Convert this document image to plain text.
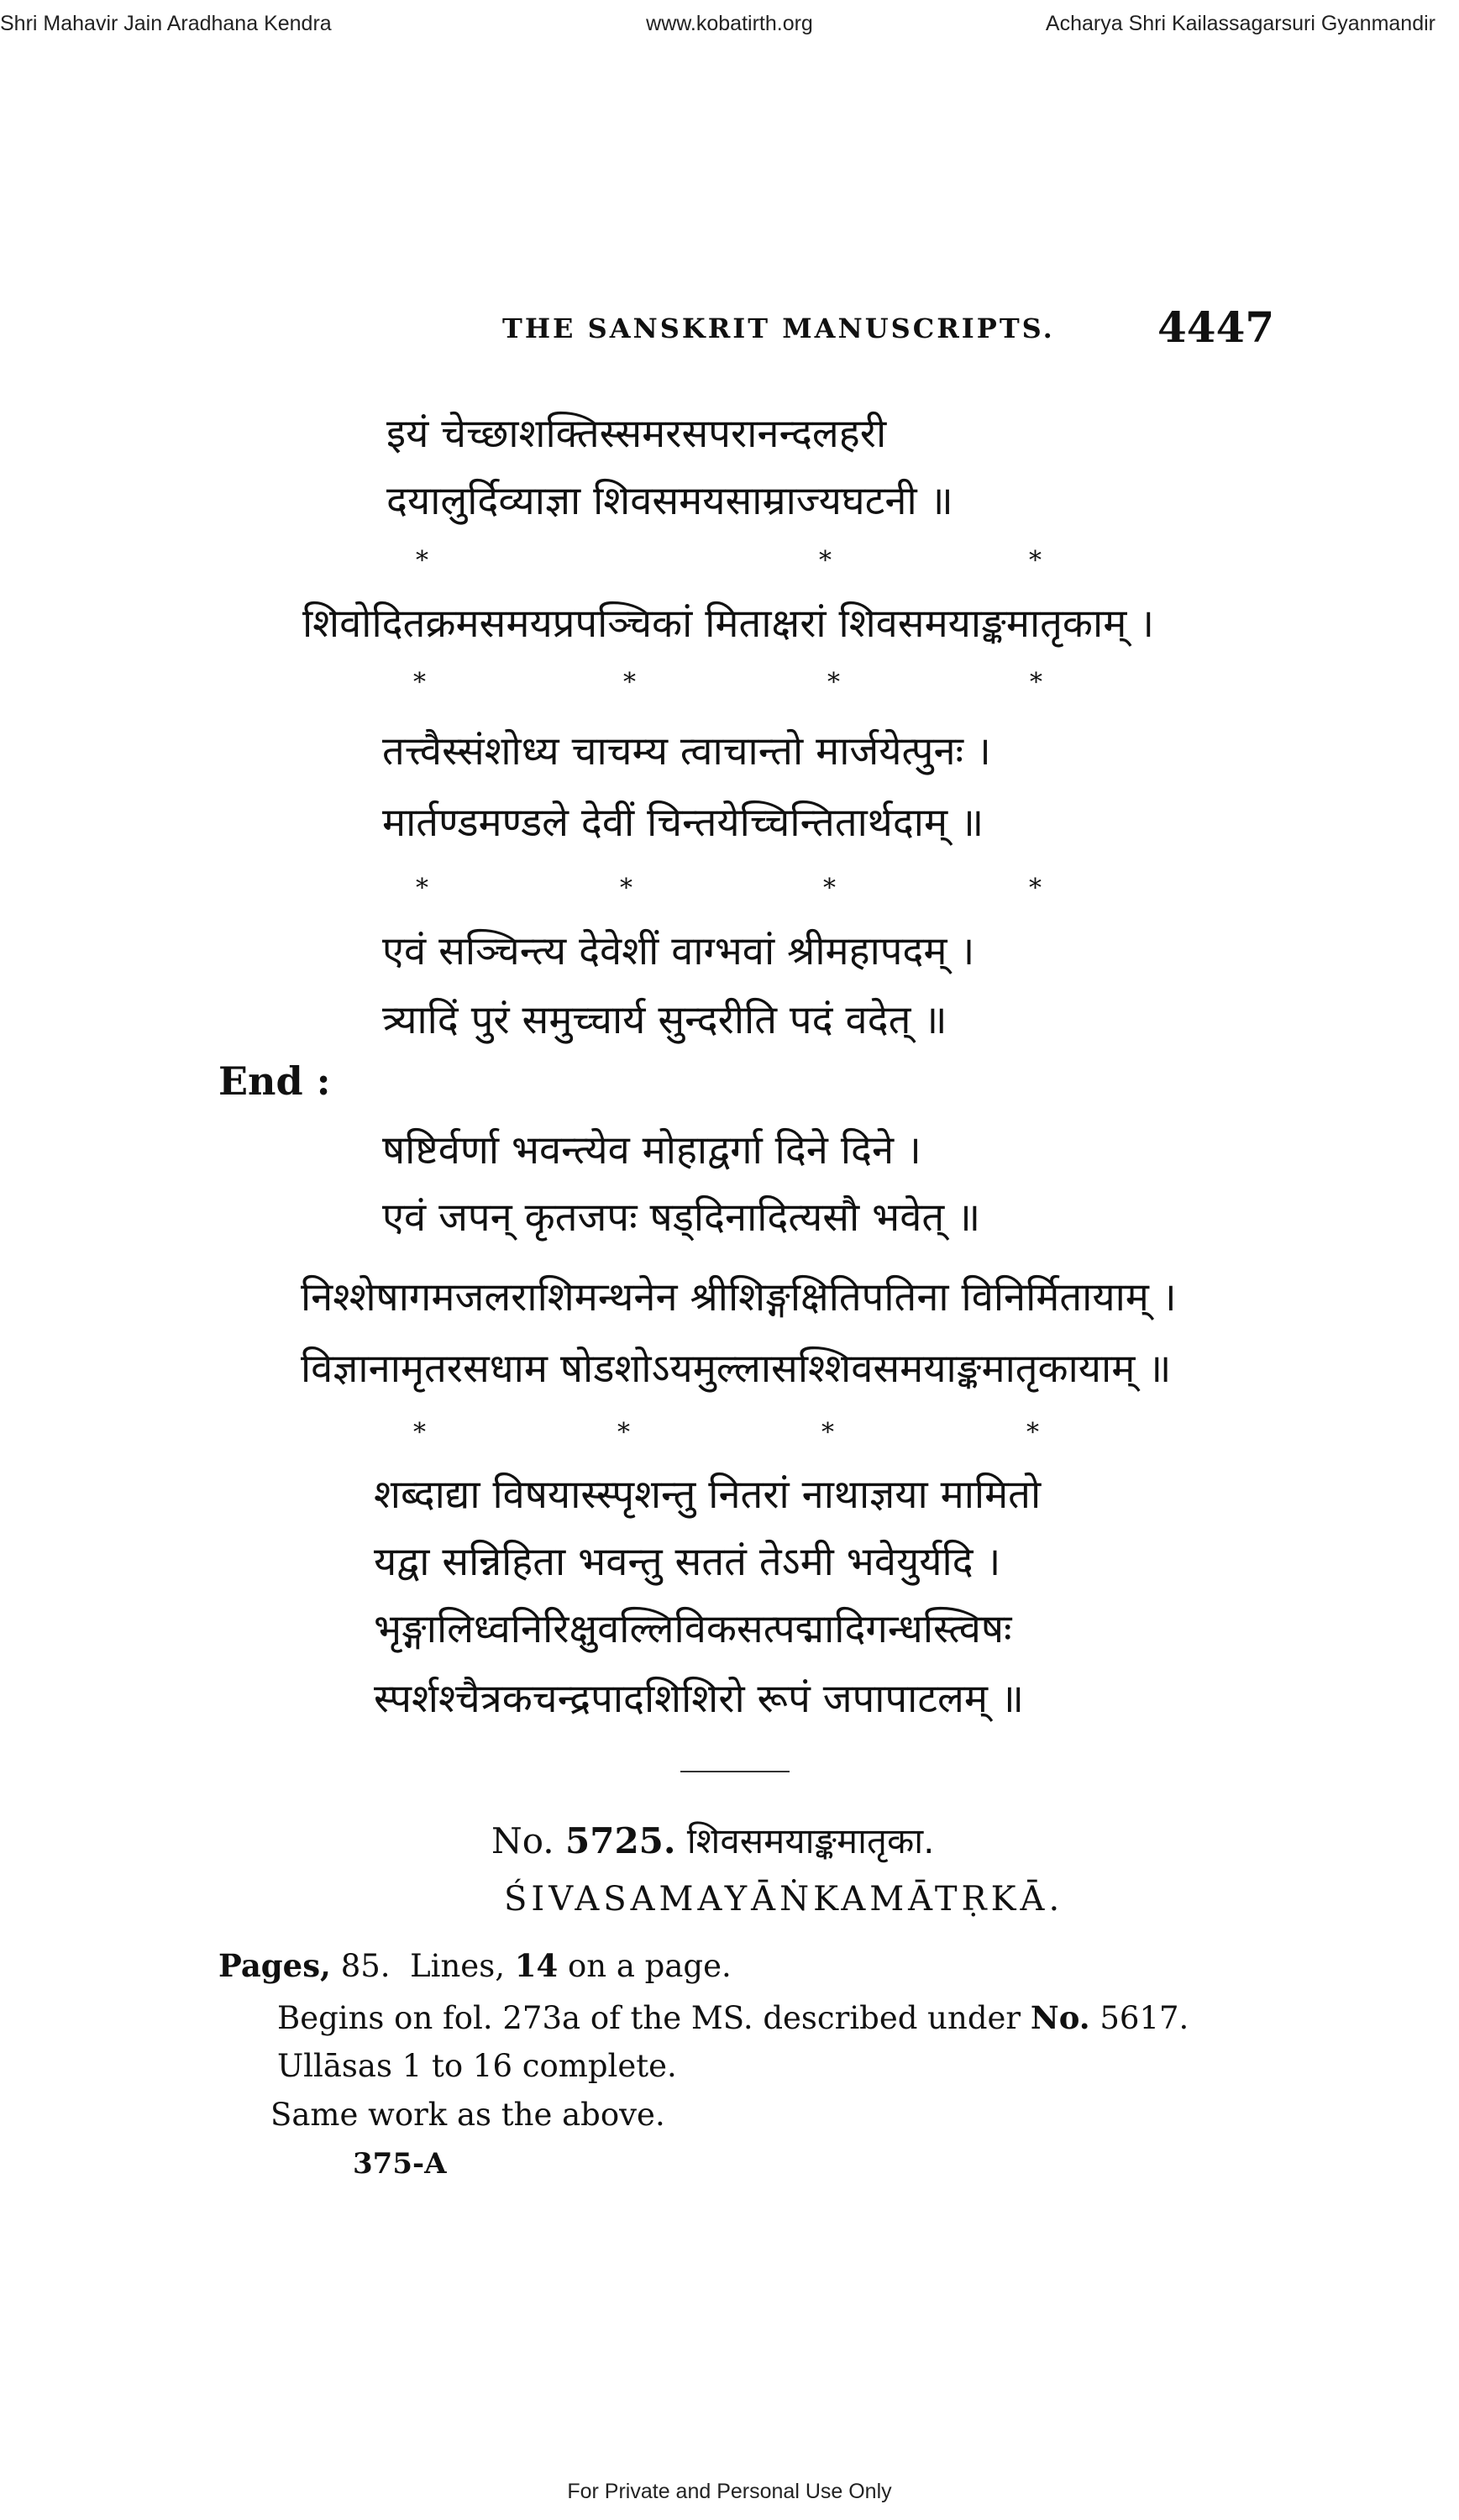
Shri Mahavir Jain Aradhana Kendra	www.kobatirth.org	Acharya Shri Kailassagarsuri Gyanmandir
THE SANSKRIT MANUSCRIPTS. 4447
इयं चेच्छाशक्तिस्समरसपरानन्दलहरी
दयालुर्दिव्याज्ञा शिवसमयसाम्राज्यघटनी ॥
*	*	*
शिवोदितक्रमसमयप्रपञ्चिकां मिताक्षरां शिवसमयाङ्कमातृकाम् ।
*	*	*	*
तत्त्वैस्संशोध्य चाचम्य त्वाचान्तो मार्जयेत्पुनः ।
मार्तण्डमण्डले देवीं चिन्तयेच्चिन्तितार्थदाम् ॥
*	*	*	*
एवं सञ्चिन्त्य देवेशीं वाग्भवां श्रीमहापदम् ।
त्र्यादिं पुरं समुच्चार्य सुन्दरीति पदं वदेत् ॥
End :
षष्टिर्वर्णा भवन्त्येव मोहाद्वर्गा दिने दिने ।
एवं जपन् कृतजपः षड्दिनादित्यसौ भवेत् ॥
निश्शेषागमजलराशिमन्थनेन श्रीशिङ्गक्षितिपतिना विनिर्मितायाम् ।
विज्ञानामृतरसधाम षोडशोऽयमुल्लासश्शिवसमयाङ्कमातृकायाम् ॥
*	*	*	*
शब्दाद्या विषयास्स्पृशन्तु नितरां नाथाज्ञया मामितो
यद्वा सन्निहिता भवन्तु सततं तेऽमी भवेयुर्यदि ।
भृङ्गालिध्वनिरिक्षुवल्लिविकसत्पद्मादिगन्धस्त्विषः
स्पर्शश्चैत्रकचन्द्रपादशिशिरो रूपं जपापाटलम् ॥
No. 5725. शिवसमयाङ्कमातृका.
ŚIVASAMAYĀṄKAMĀTṚKĀ.
Pages, 85. Lines, 14 on a page.
Begins on fol. 273a of the MS. described under No. 5617.
Ullāsas 1 to 16 complete.
Same work as the above.
375-A
For Private and Personal Use Only
